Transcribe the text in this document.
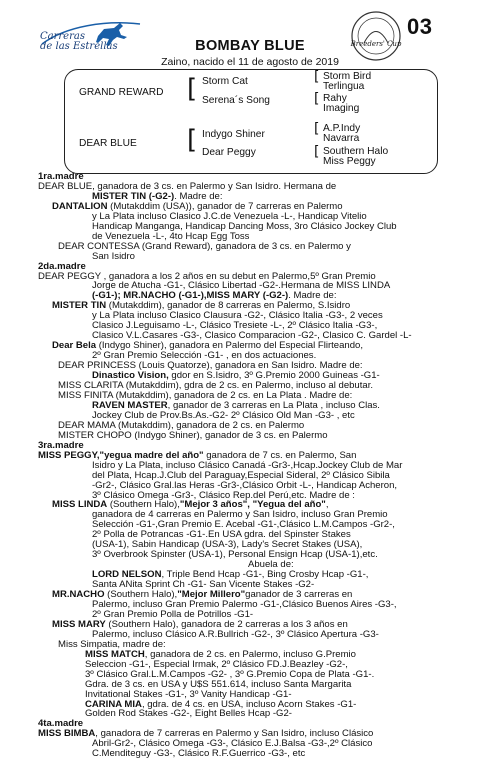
Carreras
de las Estrellas	Breeders' Cup
03
BOMBAY BLUE
Zaino, nacido el 11 de agosto de 2019
GRAND REWARD [ Storm Cat
Serena´s Song
[ Storm Bird
Terlingua
[ Rahy
Imaging
DEAR BLUE [ Indygo Shiner
Dear Peggy
[ A.P.Indy
Navarra
[ Southern Halo
Miss Peggy
1ra.madre
DEAR BLUE, ganadora de 3 cs. en Palermo y San Isidro. Hermana de
MISTER TIN (-G2-). Madre de:
DANTALION (Mutakddim (USA)), ganador de 7 carreras en Palermo
y La Plata incluso Clasico J.C.de Venezuela -L-, Handicap Vitelio
Handicap Manganga, Handicap Dancing Moss, 3ro Clásico Jockey Club
de Venezuela -L-, 4to Hcap Egg Toss
DEAR CONTESSA (Grand Reward), ganadora de 3 cs. en Palermo y
San Isidro
2da.madre
DEAR PEGGY , ganadora a los 2 años en su debut en Palermo,5º Gran Premio
Jorge de Atucha -G1-, Clásico Libertad -G2-.Hermana de MISS LINDA
(-G1-); MR.NACHO (-G1-),MISS MARY (-G2-). Madre de:
MISTER TIN (Mutakddim), ganador de 8 carreras en Palermo, S.Isidro
y La Plata incluso Clasico Clausura -G2-, Clásico Italia -G3-, 2 veces
Clasico J.Leguisamo -L-, Clásico Tresiete -L-, 2º Clásico Italia -G3-,
Clasico V.L.Casares -G3-, Clasico Comparacion -G2-, Clasico C. Gardel -L-
Dear Bela (Indygo Shiner), ganadora en Palermo del Especial Flirteando,
2º Gran Premio Selección -G1- , en dos actuaciones.
DEAR PRINCESS (Louis Quatorze), ganadora en San Isidro. Madre de:
Dinastico Vision, gdor en S.Isidro, 3º G.Premio 2000 Guineas -G1-
MISS CLARITA (Mutakddim), gdra de 2 cs. en Palermo, incluso al debutar.
MISS FINITA (Mutakddim), ganadora de 2 cs. en La Plata . Madre de:
RAVEN MASTER, ganador de 3 carreras en La Plata , incluso Clas.
Jockey Club de Prov.Bs.As.-G2- 2º Clásico Old Man -G3- , etc
DEAR MAMA (Mutakddim), ganadora de 2 cs. en Palermo
MISTER CHOPO (Indygo Shiner), ganador de 3 cs. en Palermo
3ra.madre
MISS PEGGY,"yegua madre del año" ganadora de 7 cs. en Palermo, San
Isidro y La Plata, incluso Clásico Canadá -Gr3-,Hcap.Jockey Club de Mar
del Plata, Hcap.J.Club del Paraguay,Especial Sideral, 2º Clásico Sibila
-Gr2-, Clásico Gral.las Heras -Gr3-,Clásico Orbit -L-, Handicap Acheron,
3º Clásico Omega -Gr3-, Clásico Rep.del Perú,etc. Madre de :
MISS LINDA (Southern Halo),"Mejor 3 años", "Yegua del año",
ganadora de 4 carreras en Palermo y San Isidro, incluso Gran Premio
Selección -G1-,Gran Premio E. Acebal -G1-,Clásico L.M.Campos -Gr2-,
2º Polla de Potrancas -G1-.En USA gdra. del Spinster Stakes
(USA-1), Sabin Handicap (USA-3), Lady's Secret Stakes (USA),
3º Overbrook Spinster (USA-1), Personal Ensign Hcap (USA-1),etc.
Abuela de:
LORD NELSON, Triple Bend Hcap -G1-, Bing Crosby Hcap -G1-,
Santa ANita Sprint Ch -G1- San Vicente Stakes -G2-
MR.NACHO (Southern Halo),"Mejor Millero"ganador de 3 carreras en
Palermo, incluso Gran Premio Palermo -G1-,Clásico Buenos Aires -G3-,
2º Gran Premio Polla de Potrillos -G1-
MISS MARY (Southern Halo), ganadora de 2 carreras a los 3 años en
Palermo, incluso Clásico A.R.Bullrich -G2-, 3º Clásico Apertura -G3-
Miss Simpatia, madre de:
MISS MATCH, ganadora de 2 cs. en Palermo, incluso G.Premio
Seleccion -G1-, Especial Irmak, 2º Clásico FD.J.Beazley -G2-,
3º Clásico Gral.L.M.Campos -G2- , 3º G.Premio Copa de Plata -G1-.
Gdra. de 3 cs. en USA y U$S 551.614, incluso Santa Margarita
Invitational Stakes -G1-, 3º Vanity Handicap -G1-
CARINA MIA, gdra. de 4 cs. en USA, incluso Acorn Stakes -G1-
Golden Rod Stakes -G2-, Eight Belles Hcap -G2-
4ta.madre
MISS BIMBA, ganadora de 7 carreras en Palermo y San Isidro, incluso Clásico
Abril-Gr2-, Clásico Omega -G3-, Clásico E.J.Balsa -G3-,2º Clásico
C.Menditeguy -G3-, Clásico R.F.Guerrico -G3-, etc
